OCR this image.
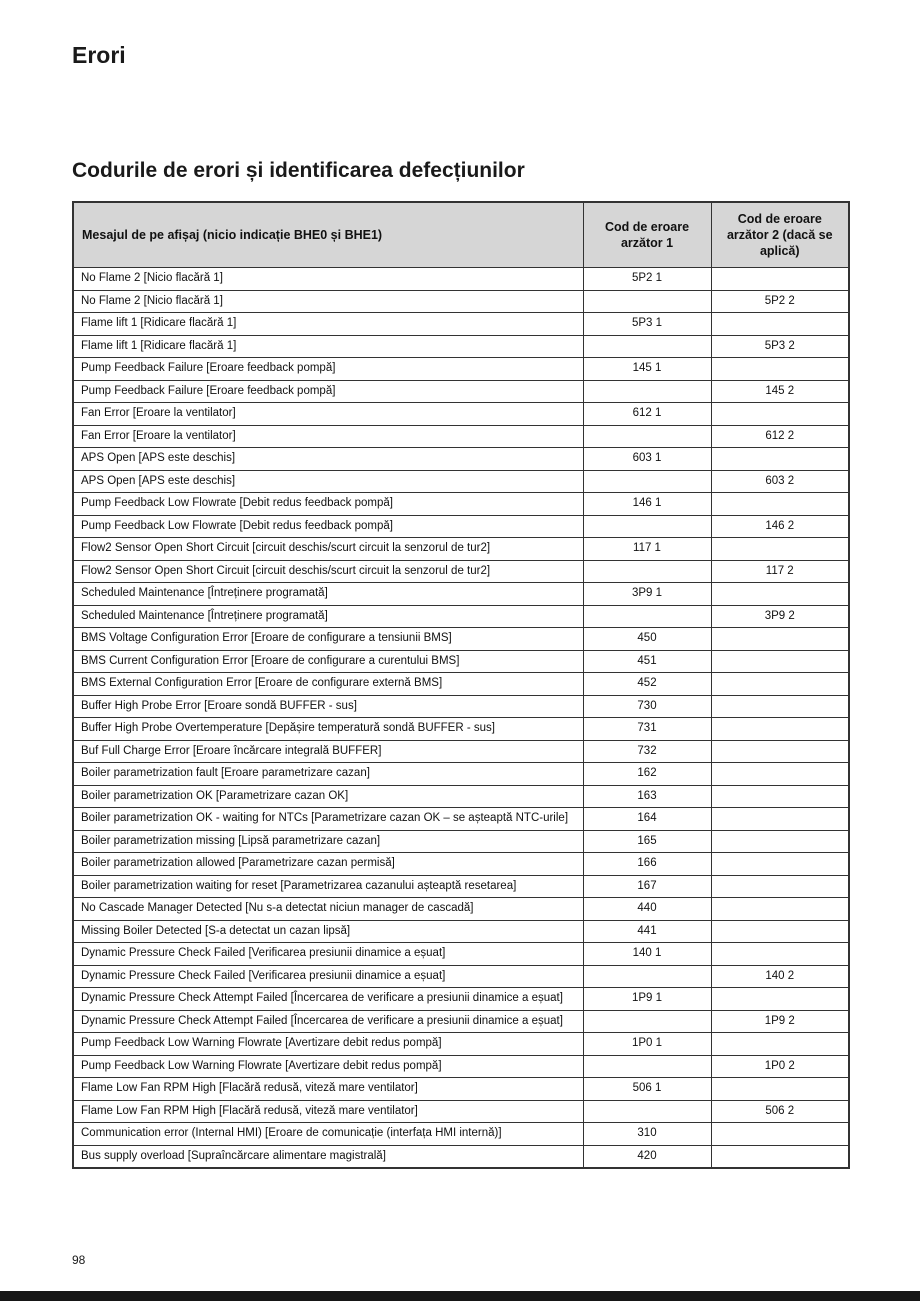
Erori
Codurile de erori și identificarea defecțiunilor
Mesajul de pe afișaj (nicio indicație BHE0 și BHE1)	Cod de eroare arzător 1	Cod de eroare arzător 2 (dacă se aplică)
No Flame 2 [Nicio flacără 1]	5P2 1	
No Flame 2 [Nicio flacără 1]		5P2 2
Flame lift 1 [Ridicare flacără 1]	5P3 1	
Flame lift 1 [Ridicare flacără 1]		5P3 2
Pump Feedback Failure [Eroare feedback pompă]	145 1	
Pump Feedback Failure [Eroare feedback pompă]		145 2
Fan Error [Eroare la ventilator]	612 1	
Fan Error [Eroare la ventilator]		612 2
APS Open [APS este deschis]	603 1	
APS Open [APS este deschis]		603 2
Pump Feedback Low Flowrate [Debit redus feedback pompă]	146 1	
Pump Feedback Low Flowrate [Debit redus feedback pompă]		146 2
Flow2 Sensor Open Short Circuit [circuit deschis/scurt circuit la senzorul de tur2]	117 1	
Flow2 Sensor Open Short Circuit [circuit deschis/scurt circuit la senzorul de tur2]		117 2
Scheduled Maintenance [Întreținere programată]	3P9 1	
Scheduled Maintenance [Întreținere programată]		3P9 2
BMS Voltage Configuration Error [Eroare de configurare a tensiunii BMS]	450	
BMS Current Configuration Error [Eroare de configurare a curentului BMS]	451	
BMS External Configuration Error [Eroare de configurare externă BMS]	452	
Buffer High Probe Error [Eroare sondă BUFFER - sus]	730	
Buffer High Probe Overtemperature [Depășire temperatură sondă BUFFER - sus]	731	
Buf Full Charge Error [Eroare încărcare integrală BUFFER]	732	
Boiler parametrization fault [Eroare parametrizare cazan]	162	
Boiler parametrization OK [Parametrizare cazan OK]	163	
Boiler parametrization OK - waiting for NTCs [Parametrizare cazan OK – se așteaptă NTC-urile]	164	
Boiler parametrization missing [Lipsă parametrizare cazan]	165	
Boiler parametrization allowed [Parametrizare cazan permisă]	166	
Boiler parametrization waiting for reset [Parametrizarea cazanului așteaptă resetarea]	167	
No Cascade Manager Detected [Nu s-a detectat niciun manager de cascadă]	440	
Missing Boiler Detected [S-a detectat un cazan lipsă]	441	
Dynamic Pressure Check Failed [Verificarea presiunii dinamice a eșuat]	140 1	
Dynamic Pressure Check Failed [Verificarea presiunii dinamice a eșuat]		140 2
Dynamic Pressure Check Attempt Failed [Încercarea de verificare a presiunii dinamice a eșuat]	1P9 1	
Dynamic Pressure Check Attempt Failed [Încercarea de verificare a presiunii dinamice a eșuat]		1P9 2
Pump Feedback Low Warning Flowrate [Avertizare debit redus pompă]	1P0 1	
Pump Feedback Low Warning Flowrate [Avertizare debit redus pompă]		1P0 2
Flame Low Fan RPM High [Flacără redusă, viteză mare ventilator]	506 1	
Flame Low Fan RPM High [Flacără redusă, viteză mare ventilator]		506 2
Communication error (Internal HMI) [Eroare de comunicație (interfața HMI internă)]	310	
Bus supply overload [Supraîncărcare alimentare magistrală]	420	
98
